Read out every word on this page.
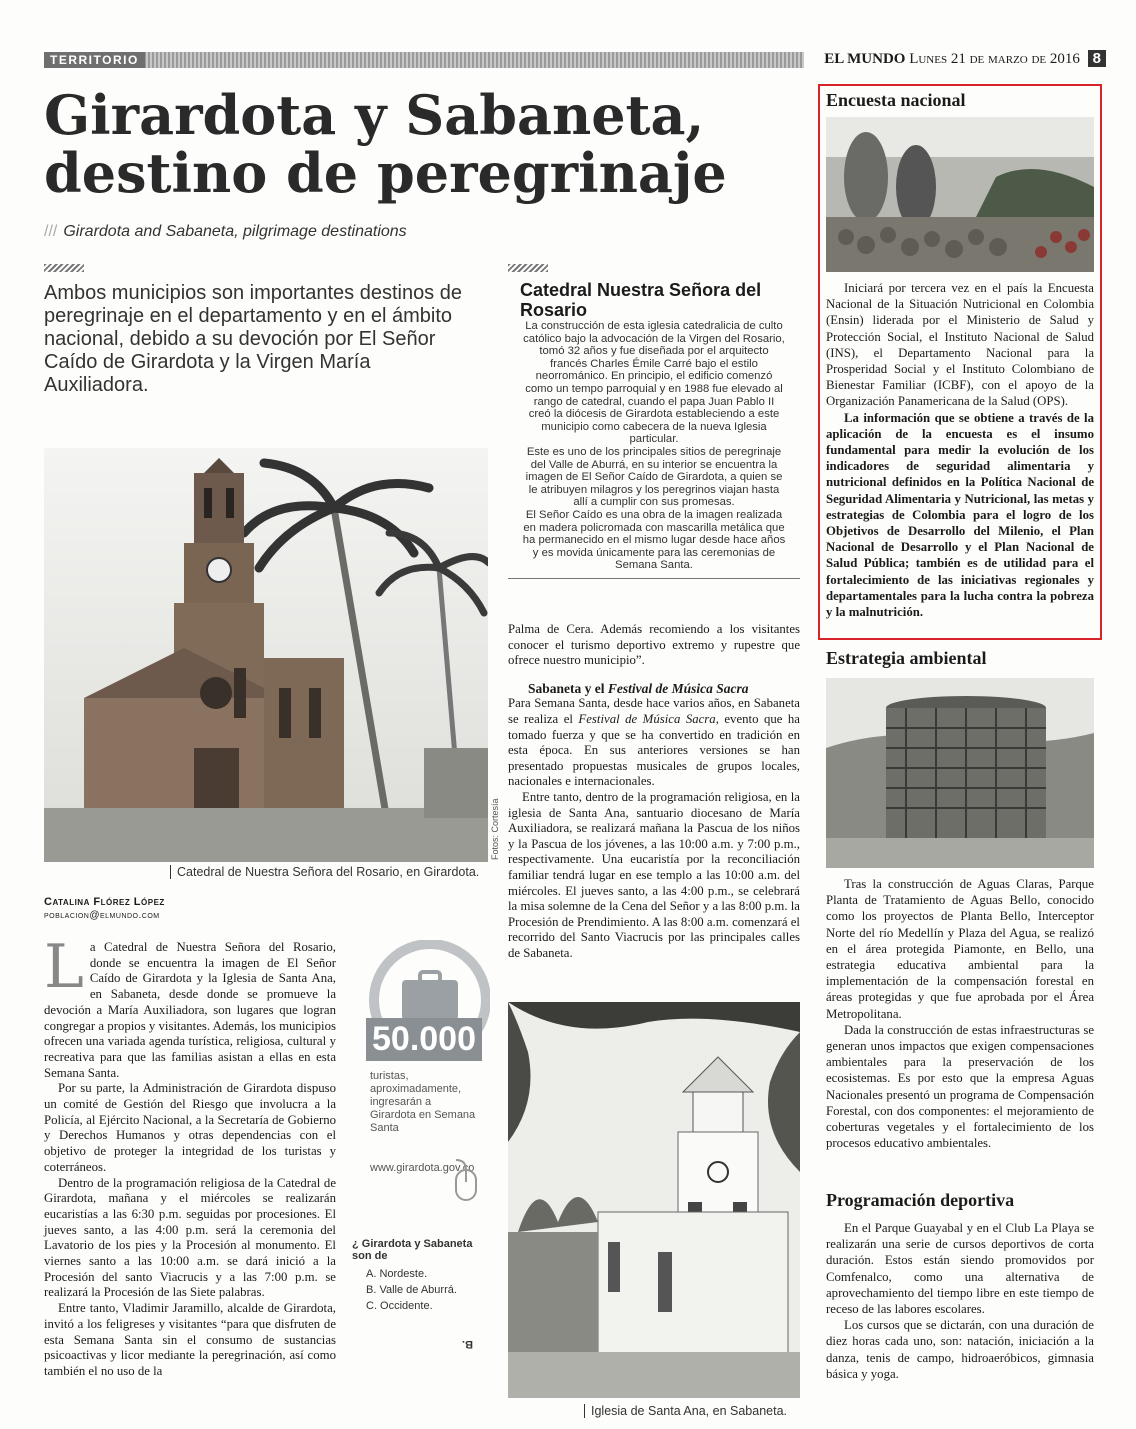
TERRITORIO	EL MUNDO Lunes 21 de marzo de 2016 8
Girardota y Sabaneta, destino de peregrinaje
/// Girardota and Sabaneta, pilgrimage destinations
Ambos municipios son importantes destinos de peregrinaje en el departamento y en el ámbito nacional, debido a su devoción por El Señor Caído de Girardota y la Virgen María Auxiliadora.
Fotos: Cortesía
Catedral de Nuestra Señora del Rosario, en Girardota.
Catalina Flórez López
poblacion@elmundo.com

La Catedral de Nuestra Señora del Rosario, donde se encuentra la imagen de El Señor Caído de Girardota y la Iglesia de Santa Ana, en Sabaneta, desde donde se promueve la devoción a María Auxiliadora, son lugares que logran congregar a propios y visitantes. Además, los municipios ofrecen una variada agenda turística, religiosa, cultural y recreativa para que las familias asistan a ellas en esta Semana Santa.

Por su parte, la Administración de Girardota dispuso un comité de Gestión del Riesgo que involucra a la Policía, al Ejército Nacional, a la Secretaría de Gobierno y Derechos Humanos y otras dependencias con el objetivo de proteger la integridad de los turistas y coterráneos.

Dentro de la programación religiosa de la Catedral de Girardota, mañana y el miércoles se realizarán eucaristías a las 6:30 p.m. seguidas por procesiones. El jueves santo, a las 4:00 p.m. será la ceremonia del Lavatorio de los pies y la Procesión al monumento. El viernes santo a las 10:00 a.m. se dará inició a la Procesión del santo Viacrucis y a las 7:00 p.m. se realizará la Procesión de las Siete palabras.

Entre tanto, Vladimir Jaramillo, alcalde de Girardota, invitó a los feligreses y visitantes “para que disfruten de esta Semana Santa sin el consumo de sustancias psicoactivas y licor mediante la peregrinación, así como también el no uso de la

50.000
turistas, aproximadamente, ingresarán a Girardota en Semana Santa
www.girardota.gov.co
¿ Girardota y Sabaneta son de
A. Nordeste.
B. Valle de Aburrá.
C. Occidente.
B.
Catedral Nuestra Señora del Rosario
La construcción de esta iglesia catedralicia de culto católico bajo la advocación de la Virgen del Rosario, tomó 32 años y fue diseñada por el arquitecto francés Charles Émile Carré bajo el estilo neorrománico. En principio, el edificio comenzó como un tempo parroquial y en 1988 fue elevado al rango de catedral, cuando el papa Juan Pablo II creó la diócesis de Girardota estableciendo a este municipio como cabecera de la nueva Iglesia particular.
Este es uno de los principales sitios de peregrinaje del Valle de Aburrá, en su interior se encuentra la imagen de El Señor Caído de Girardota, a quien se le atribuyen milagros y los peregrinos viajan hasta allí a cumplir con sus promesas.
El Señor Caído es una obra de la imagen realizada en madera policromada con mascarilla metálica que ha permanecido en el mismo lugar desde hace años y es movida únicamente para las ceremonias de Semana Santa.

Palma de Cera. Además recomiendo a los visitantes conocer el turismo deportivo extremo y rupestre que ofrece nuestro municipio”.

Sabaneta y el Festival de Música Sacra

Para Semana Santa, desde hace varios años, en Sabaneta se realiza el Festival de Música Sacra, evento que ha tomado fuerza y que se ha convertido en tradición en esta época. En sus anteriores versiones se han presentado propuestas musicales de grupos locales, nacionales e internacionales.

Entre tanto, dentro de la programación religiosa, en la iglesia de Santa Ana, santuario diocesano de María Auxiliadora, se realizará mañana la Pascua de los niños y la Pascua de los jóvenes, a las 10:00 a.m. y 7:00 p.m., respectivamente. Una eucaristía por la reconciliación familiar tendrá lugar en ese templo a las 10:00 a.m. del miércoles. El jueves santo, a las 4:00 p.m., se celebrará la misa solemne de la Cena del Señor y a las 8:00 p.m. la Procesión de Prendimiento. A las 8:00 a.m. comenzará el recorrido del Santo Viacrucis por las principales calles de Sabaneta.

Iglesia de Santa Ana, en Sabaneta.
Encuesta nacional

Iniciará por tercera vez en el país la Encuesta Nacional de la Situación Nutricional en Colombia (Ensin) liderada por el Ministerio de Salud y Protección Social, el Instituto Nacional de Salud (INS), el Departamento Nacional para la Prosperidad Social y el Instituto Colombiano de Bienestar Familiar (ICBF), con el apoyo de la Organización Panamericana de la Salud (OPS).

La información que se obtiene a través de la aplicación de la encuesta es el insumo fundamental para medir la evolución de los indicadores de seguridad alimentaria y nutricional definidos en la Política Nacional de Seguridad Alimentaria y Nutricional, las metas y estrategias de Colombia para el logro de los Objetivos de Desarrollo del Milenio, el Plan Nacional de Desarrollo y el Plan Nacional de Salud Pública; también es de utilidad para el fortalecimiento de las iniciativas regionales y departamentales para la lucha contra la pobreza y la malnutrición.

Estrategia ambiental

Tras la construcción de Aguas Claras, Parque Planta de Tratamiento de Aguas Bello, conocido como los proyectos de Planta Bello, Interceptor Norte del río Medellín y Plaza del Agua, se realizó en el área protegida Piamonte, en Bello, una estrategia educativa ambiental para la implementación de la compensación forestal en áreas protegidas y que fue aprobada por el Área Metropolitana.

Dada la construcción de estas infraestructuras se generan unos impactos que exigen compensaciones ambientales para la preservación de los ecosistemas. Es por esto que la empresa Aguas Nacionales presentó un programa de Compensación Forestal, con dos componentes: el mejoramiento de coberturas vegetales y el fortalecimiento de los procesos educativo ambientales.

Programación deportiva

En el Parque Guayabal y en el Club La Playa se realizarán una serie de cursos deportivos de corta duración. Estos están siendo promovidos por Comfenalco, como una alternativa de aprovechamiento del tiempo libre en este tiempo de receso de las labores escolares.

Los cursos que se dictarán, con una duración de diez horas cada uno, son: natación, iniciación a la danza, tenis de campo, hidroaeróbicos, gimnasia básica y yoga.
